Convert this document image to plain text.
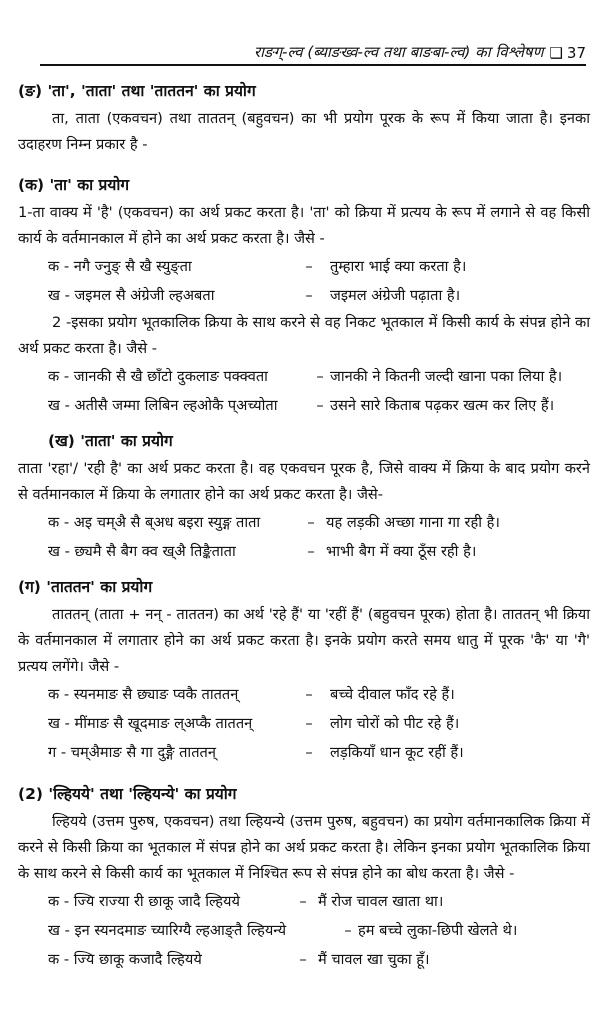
राङग्-ल्व (ब्याङख्व-ल्व तथा बाङबा-ल्व) का विश्लेषण ❑ 37
(ङ) 'ता', 'ताता' तथा 'ताततन' का प्रयोग

ता, ताता (एकवचन) तथा ताततन् (बहुवचन) का भी प्रयोग पूरक के रूप में किया जाता है। इनका उदाहरण निम्न प्रकार है -

(क) 'ता' का प्रयोग

1-ता वाक्य में 'है' (एकवचन) का अर्थ प्रकट करता है। 'ता' को क्रिया में प्रत्यय के रूप में लगाने से वह किसी कार्य के वर्तमानकाल में होने का अर्थ प्रकट करता है। जैसे -

क - नगै ज्नुङ् सै खै स्युङ्ता	–	तुम्हारा भाई क्या करता है।
ख - जइमल सै अंग्रेजी ल्हअबता	–	जइमल अंग्रेजी पढ़ाता है।

2 -इसका प्रयोग भूतकालिक क्रिया के साथ करने से वह निकट भूतकाल में किसी कार्य के संपन्न होने का अर्थ प्रकट करता है। जैसे -

क - जानकी सै खै छाँटो दुकलाङ पक्क्वता	– जानकी ने कितनी जल्दी खाना पका लिया है।
ख - अतीसै जम्मा लिबिन ल्हओकै प्अच्योता	– उसने सारे किताब पढ़कर खत्म कर लिए हैं।
(ख) 'ताता' का प्रयोग

ताता 'रहा'/ 'रही है' का अर्थ प्रकट करता है। वह एकवचन पूरक है, जिसे वाक्य में क्रिया के बाद प्रयोग करने से वर्तमानकाल में क्रिया के लगातार होने का अर्थ प्रकट करता है। जैसे-

क - अइ चम्अै सै ब्अध बइरा स्युङ्ग ताता	– यह लड़की अच्छा गाना गा रही है।
ख - छ्यमै सै बैग क्व ख्अै तिङ्कैताता	– भाभी बैग में क्या ठूँस रही है।
(ग) 'ताततन' का प्रयोग

ताततन् (ताता + नन् - ताततन) का अर्थ 'रहे हैं' या 'रहीं हैं' (बहुवचन पूरक) होता है। ताततन् भी क्रिया के वर्तमानकाल में लगातार होने का अर्थ प्रकट करता है। इनके प्रयोग करते समय धातु में पूरक 'कै' या 'गै' प्रत्यय लगेंगे। जैसे -

क - स्यनमाङ सै छ्याङ प्वकै ताततन्	–	बच्चे दीवाल फाँद रहे हैं।
ख - मींमाङ सै खूदमाङ ल्अप्कै ताततन्	–	लोग चोरों को पीट रहे हैं।
ग - चम्अैमाङ सै गा दुङ्गै ताततन्	–	लड़कियाँ धान कूट रहीं हैं।
(2) 'ल्हियये' तथा 'ल्हियन्ये' का प्रयोग

ल्हियये (उत्तम पुरुष, एकवचन) तथा ल्हियन्ये (उत्तम पुरुष, बहुवचन) का प्रयोग वर्तमानकालिक क्रिया में करने से किसी क्रिया का भूतकाल में संपन्न होने का अर्थ प्रकट करता है। लेकिन इनका प्रयोग भूतकालिक क्रिया के साथ करने से किसी कार्य का भूतकाल में निश्चित रूप से संपन्न होने का बोध करता है। जैसे -

क - ज्यि राज्या री छाकू जादै ल्हियये	– मैं रोज चावल खाता था।
ख - इन स्यनदमाङ च्यारिग्यै ल्हआङ्तै ल्हियन्ये	– हम बच्चे लुका-छिपी खेलते थे।
क - ज्यि छाकू कजादै ल्हियये	– मैं चावल खा चुका हूँ।
